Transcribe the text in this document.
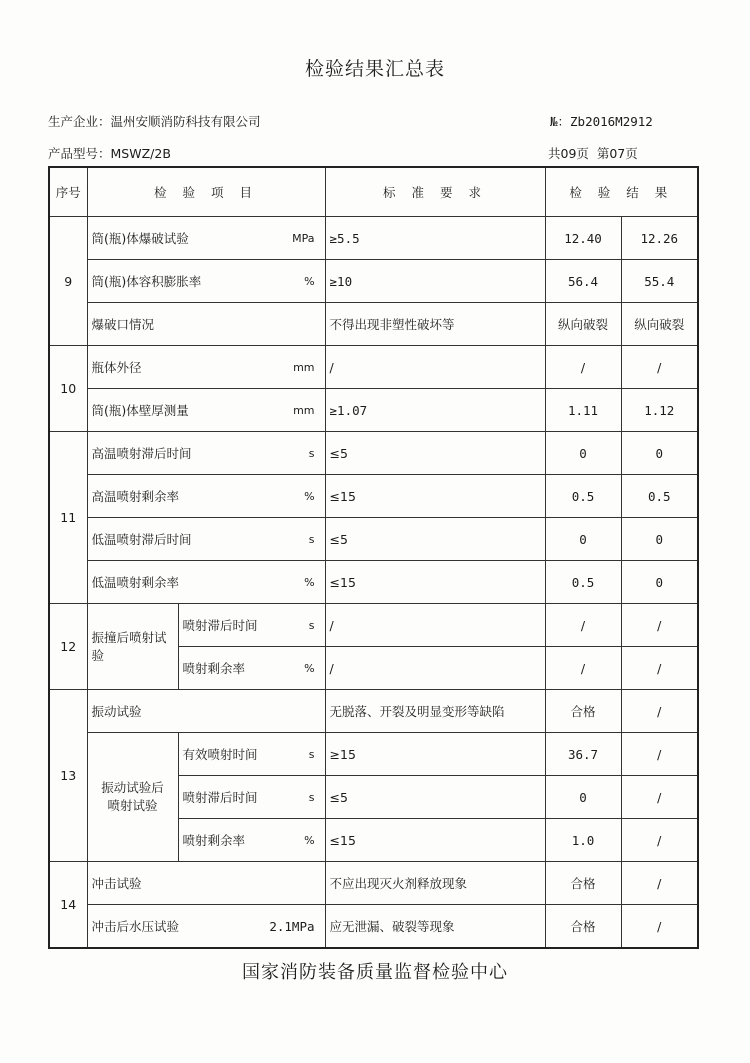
检验结果汇总表
生产企业：温州安顺消防科技有限公司	№：Zb2016M2912
产品型号：MSWZ/2B	共09页 第07页
序号	检 验 项 目		标 准 要 求	检 验 结 果	
9	筒(瓶)体爆破试验 MPa		≥5.5	12.40	12.26

	筒(瓶)体容积膨胀率 %		≥10	56.4	55.4
	爆破口情况		不得出现非塑性破坏等	纵向破裂	纵向破裂
10	瓶体外径 mm		/	/	/

	筒(瓶)体壁厚测量 mm		≥1.07	1.11	1.12
11	高温喷射滞后时间 s		≤5	0	0

	高温喷射剩余率 %		≤15	0.5	0.5

	低温喷射滞后时间 s		≤5	0	0

	低温喷射剩余率 %		≤15	0.5	0
12	振撞后喷射试验	喷射滞后时间 s	/	/	/

		喷射剩余率 %	/	/	/
13	振动试验		无脱落、开裂及明显变形等缺陷	合格	/
	振动试验后喷射试验	有效喷射时间 s	≥15	36.7	/

		喷射滞后时间 s	≤5	0	/

		喷射剩余率 %	≤15	1.0	/
14	冲击试验		不应出现灭火剂释放现象	合格	/

	冲击后水压试验 2.1MPa		应无泄漏、破裂等现象	合格	/
国家消防装备质量监督检验中心
